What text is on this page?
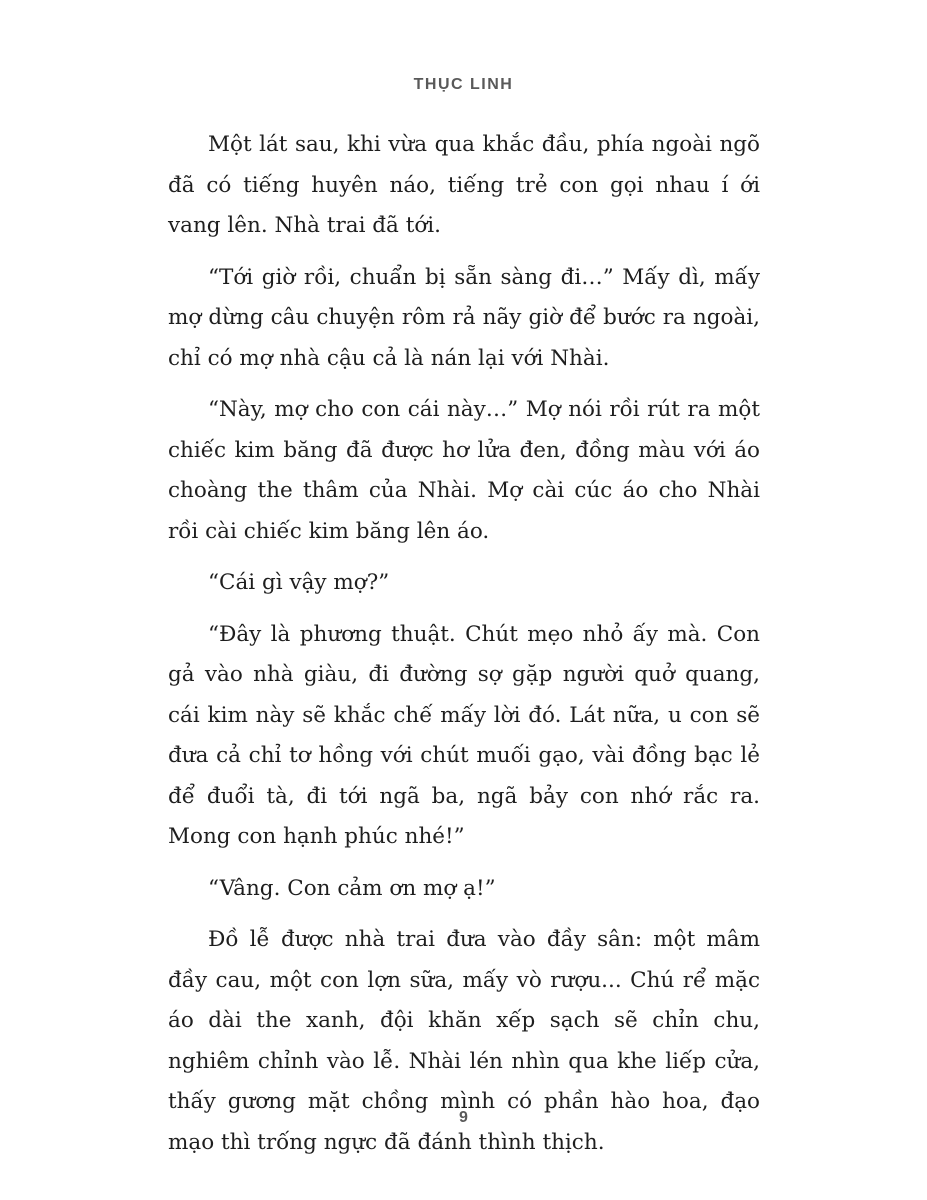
THỤC LINH

Một lát sau, khi vừa qua khắc đầu, phía ngoài ngõ đã có tiếng huyên náo, tiếng trẻ con gọi nhau í ới vang lên. Nhà trai đã tới.

“Tới giờ rồi, chuẩn bị sẵn sàng đi…” Mấy dì, mấy mợ dừng câu chuyện rôm rả nãy giờ để bước ra ngoài, chỉ có mợ nhà cậu cả là nán lại với Nhài.

“Này, mợ cho con cái này…” Mợ nói rồi rút ra một chiếc kim băng đã được hơ lửa đen, đồng màu với áo choàng the thâm của Nhài. Mợ cài cúc áo cho Nhài rồi cài chiếc kim băng lên áo.

“Cái gì vậy mợ?”

“Đây là phương thuật. Chút mẹo nhỏ ấy mà. Con gả vào nhà giàu, đi đường sợ gặp người quở quang, cái kim này sẽ khắc chế mấy lời đó. Lát nữa, u con sẽ đưa cả chỉ tơ hồng với chút muối gạo, vài đồng bạc lẻ để đuổi tà, đi tới ngã ba, ngã bảy con nhớ rắc ra. Mong con hạnh phúc nhé!”

“Vâng. Con cảm ơn mợ ạ!”

Đồ lễ được nhà trai đưa vào đầy sân: một mâm đầy cau, một con lợn sữa, mấy vò rượu... Chú rể mặc áo dài the xanh, đội khăn xếp sạch sẽ chỉn chu, nghiêm chỉnh vào lễ. Nhài lén nhìn qua khe liếp cửa, thấy gương mặt chồng mình có phần hào hoa, đạo mạo thì trống ngực đã đánh thình thịch.

9
